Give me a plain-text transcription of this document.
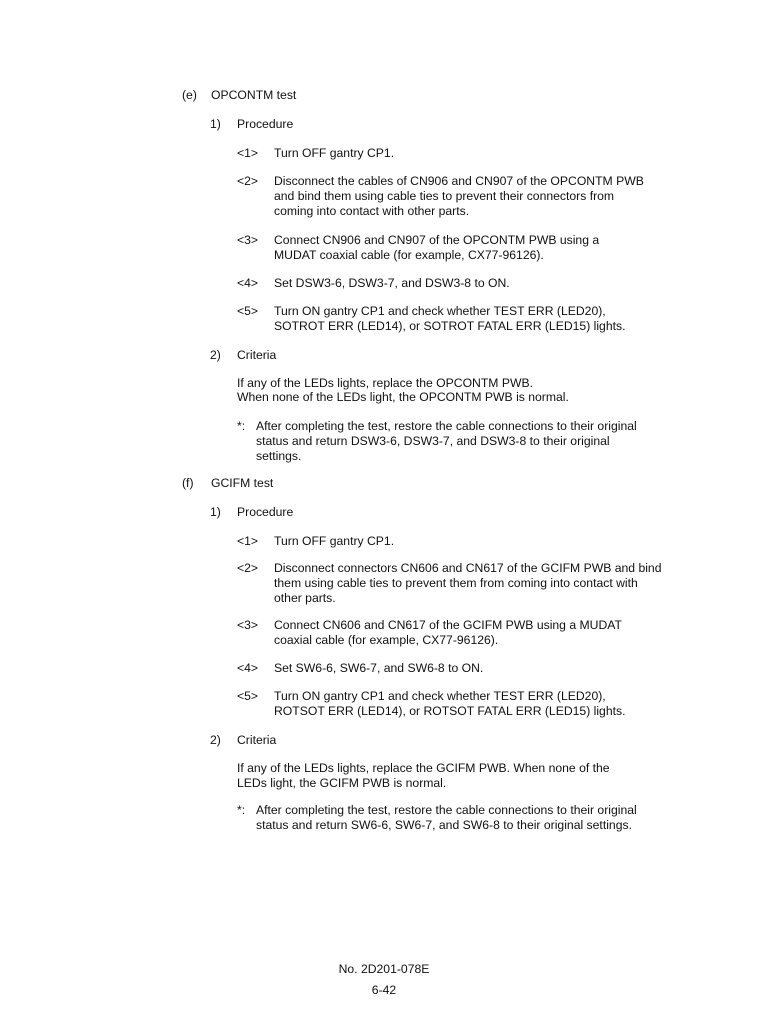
(e) OPCONTM test
1) Procedure
<1> Turn OFF gantry CP1.
<2> Disconnect the cables of CN906 and CN907 of the OPCONTM PWB and bind them using cable ties to prevent their connectors from coming into contact with other parts.
<3> Connect CN906 and CN907 of the OPCONTM PWB using a MUDAT coaxial cable (for example, CX77-96126).
<4> Set DSW3-6, DSW3-7, and DSW3-8 to ON.
<5> Turn ON gantry CP1 and check whether TEST ERR (LED20), SOTROT ERR (LED14), or SOTROT FATAL ERR (LED15) lights.
2) Criteria
If any of the LEDs lights, replace the OPCONTM PWB.
When none of the LEDs light, the OPCONTM PWB is normal.
*: After completing the test, restore the cable connections to their original status and return DSW3-6, DSW3-7, and DSW3-8 to their original settings.
(f) GCIFM test
1) Procedure
<1> Turn OFF gantry CP1.
<2> Disconnect connectors CN606 and CN617 of the GCIFM PWB and bind them using cable ties to prevent them from coming into contact with other parts.
<3> Connect CN606 and CN617 of the GCIFM PWB using a MUDAT coaxial cable (for example, CX77-96126).
<4> Set SW6-6, SW6-7, and SW6-8 to ON.
<5> Turn ON gantry CP1 and check whether TEST ERR (LED20), ROTSOT ERR (LED14), or ROTSOT FATAL ERR (LED15) lights.
2) Criteria
If any of the LEDs lights, replace the GCIFM PWB. When none of the LEDs light, the GCIFM PWB is normal.
*: After completing the test, restore the cable connections to their original status and return SW6-6, SW6-7, and SW6-8 to their original settings.
No. 2D201-078E
6-42
